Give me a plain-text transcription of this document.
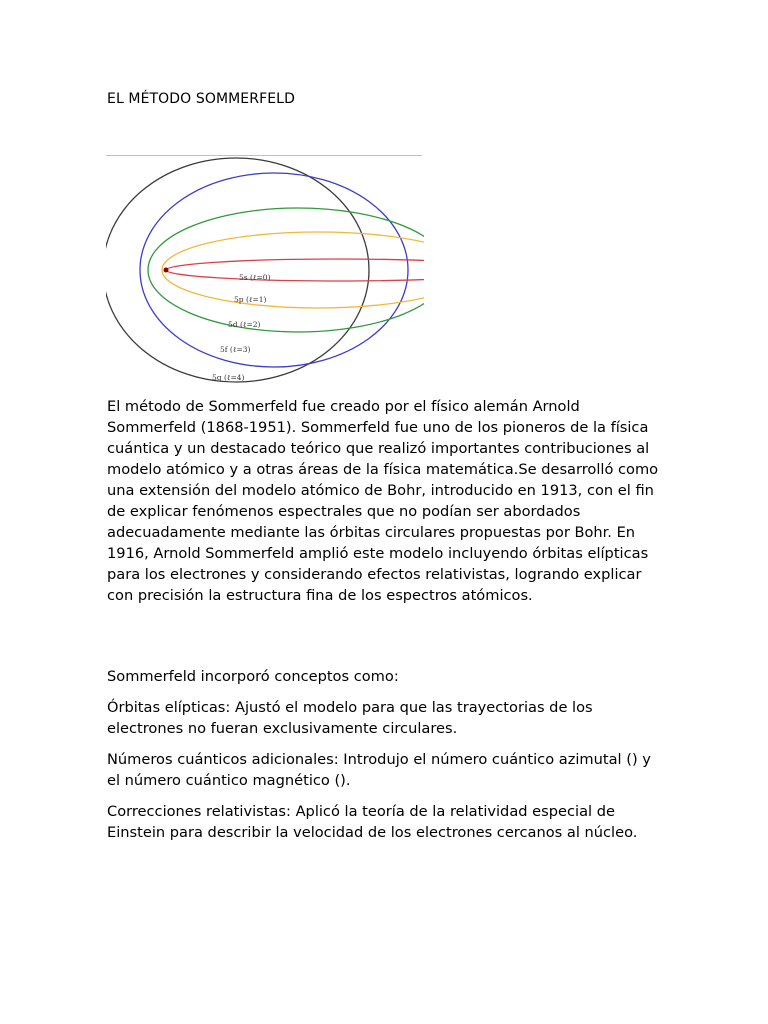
EL MÉTODO SOMMERFELD
5s (ℓ=0)
5p (ℓ=1)
5d (ℓ=2)
5f (ℓ=3)
5g (ℓ=4)

El método de Sommerfeld fue creado por el físico alemán Arnold Sommerfeld (1868-1951). Sommerfeld fue uno de los pioneros de la física cuántica y un destacado teórico que realizó importantes contribuciones al modelo atómico y a otras áreas de la física matemática.Se desarrolló como una extensión del modelo atómico de Bohr, introducido en 1913, con el fin de explicar fenómenos espectrales que no podían ser abordados adecuadamente mediante las órbitas circulares propuestas por Bohr. En 1916, Arnold Sommerfeld amplió este modelo incluyendo órbitas elípticas para los electrones y considerando efectos relativistas, logrando explicar con precisión la estructura fina de los espectros atómicos.

Sommerfeld incorporó conceptos como:

Órbitas elípticas: Ajustó el modelo para que las trayectorias de los electrones no fueran exclusivamente circulares.

Números cuánticos adicionales: Introdujo el número cuántico azimutal () y el número cuántico magnético ().

Correcciones relativistas: Aplicó la teoría de la relatividad especial de Einstein para describir la velocidad de los electrones cercanos al núcleo.
